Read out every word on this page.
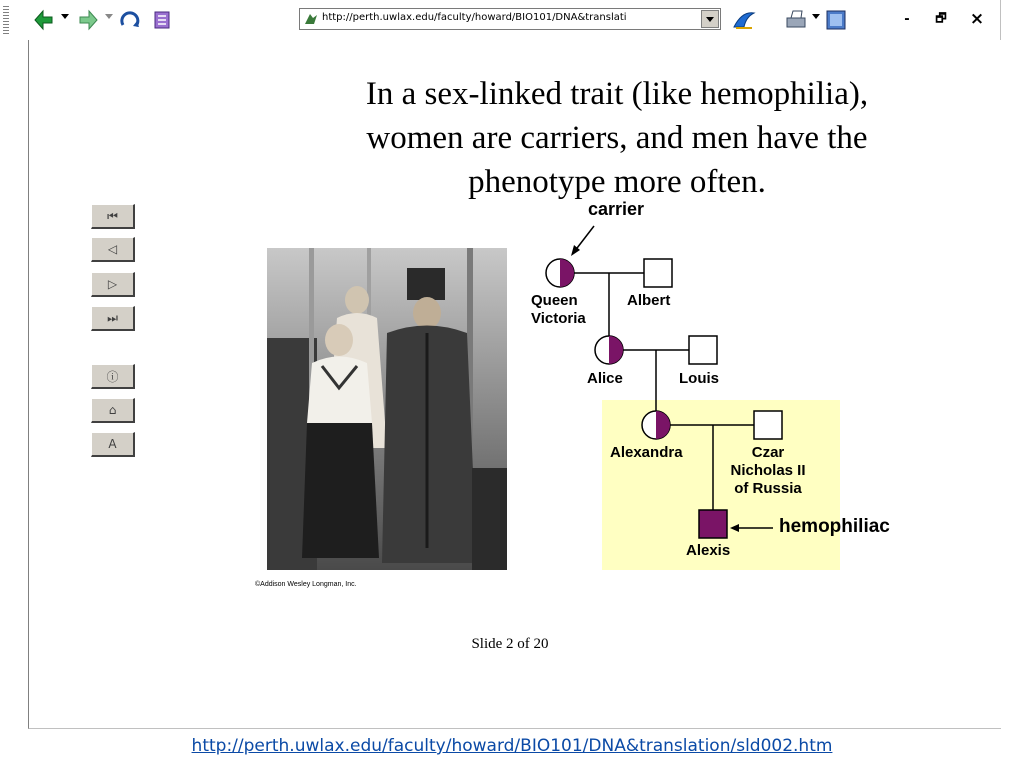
http://perth.uwlax.edu/faculty/howard/BIO101/DNA&translati	-	🗗	×
In a sex-linked trait (like hemophilia),
women are carriers, and men have the
phenotype more often.
⏮
◁
▷
⏭
ⓘ
⌂
A
©Addison Wesley Longman, Inc.
carrier
Queen
Victoria
Albert
Alice	Louis
Alexandra	Czar
Nicholas II
of Russia
Alexis
hemophiliac
Slide 2 of 20
http://perth.uwlax.edu/faculty/howard/BIO101/DNA&translation/sld002.htm
